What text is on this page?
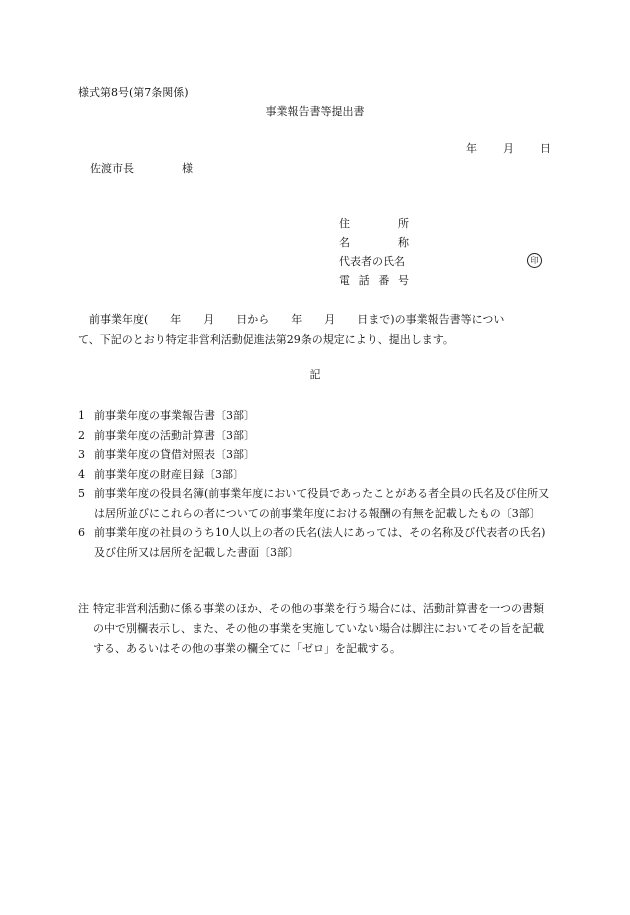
様式第8号(第7条関係)
事業報告書等提出書
年 月 日
佐渡市長	様
住　　所
名　　称
代表者の氏名	印
電 話 番 号
前事業年度(　　年　　月　　日から　　年　　月　　日まで)の事業報告書等につい
て、下記のとおり特定非営利活動促進法第29条の規定により、提出します。
記
1 前事業年度の事業報告書〔3部〕
2 前事業年度の活動計算書〔3部〕
3 前事業年度の貸借対照表〔3部〕
4 前事業年度の財産目録〔3部〕
5 前事業年度の役員名簿(前事業年度において役員であったことがある者全員の氏名及び住所又は居所並びにこれらの者についての前事業年度における報酬の有無を記載したもの〔3部〕
6 前事業年度の社員のうち10人以上の者の氏名(法人にあっては、その名称及び代表者の氏名)及び住所又は居所を記載した書面〔3部〕
注 特定非営利活動に係る事業のほか、その他の事業を行う場合には、活動計算書を一つの書類の中で別欄表示し、また、その他の事業を実施していない場合は脚注においてその旨を記載する、あるいはその他の事業の欄全てに「ゼロ」を記載する。
